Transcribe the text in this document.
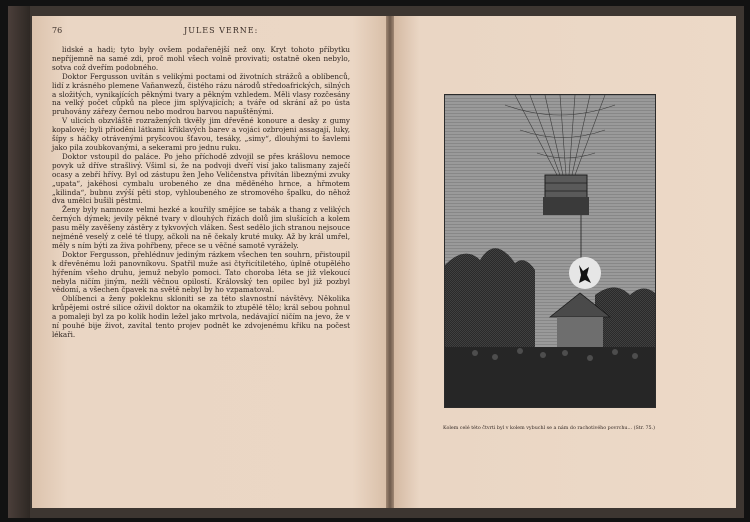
76	JULES VERNE:

lidské a hadi; tyto byly ovšem podařenější než ony. Kryt tohoto příbytku nepříjemně na samé zdi, proč mohl všech volně provivati; ostatně oken nebylo, sotva což dveřím podobného.

Doktor Fergusson uvítán s velikými poctami od životních strážců a oblíbenců, lidí z krásného plemene Vaňanwezů, čistého rázu národů středoafrických, silných a složitých, vynikajících pěknými tvary a pěkným vzhledem. Měli vlasy rozčesány na velký počet cůpků na plece jim splývajících; a tváře od skrání až po ústa pruhovány zářezy černou nebo modrou barvou napuštěnými.

V ulicích obzvláště rozražených tkvěly jim dřevěné konoure a desky z gumy kopalové; byli přioděni látkami křiklavých barev a vojáci ozbrojeni assagají, luky, šípy s háčky otrávenými pryšcovou šťavou, tesáky, „simy“, dlouhými to šavlemi jako pila zoubkovanými, a sekerami pro jednu ruku.

Doktor vstoupil do paláce. Po jeho příchodě zdvojil se přes krášlovu nemoce povyk už dříve strašlivý. Všiml si, že na podvoji dveří visí jako talismany zaječí ocasy a zebří hřívy. Byl od zástupu žen Jeho Veličenstva přivítán libeznými zvuky „upata“, jakéhosi cymbalu urobeného ze dna měděného hrnce, a hřmotem „kilinda“, bubnu zvýší pěti stop, vyhloubeného ze stromového špalku, do něhož dva umělci bušili pěstmi.

Ženy byly namnoze velmi hezké a kouřily smějíce se tabák a thang z velikých černých dýmek; jevily pěkné tvary v dlouhých řízách dolů jim slušících a kolem pasu měly zavěšeny zástěry z tykvových vláken. Šest sedělo jich stranou nejsouce nejméně veselý z celé té tlupy, ačkoli na ně čekaly kruté muky. Až by král umřel, měly s ním býti za živa pohřbeny, přece se u věčné samotě vyrážely.

Doktor Fergusson, přehlédnuv jediným rázkem všechen ten souhrn, přistoupil k dřevěnému loži panovníkovu. Spatřil muže asi čtyřicítiletého, úplně otupělého hýřením všeho druhu, jemuž nebylo pomoci. Tato choroba léta se již vlekoucí nebyla ničím jiným, nežli věčnou opilostí. Královský ten opilec byl již pozbyl vědomí, a všechen čpavek na světě nebyl by ho vzpamatoval.

Oblíbenci a ženy pokleknu skloniti se za této slavnostní návštěvy. Několika krůpějemi ostré silice oživil doktor na okamžik to ztupělé tělo; král sebou pohnul a pomaleji byl za po kolik hodin ležel jako mrtvola, nedávající ničím na jevo, že v ní pouhé bije život, zavítal tento projev podnět ke zdvojenému křiku na počest lékaři.

Kolem celé této čtvrti byl v kolem vybuchl se a nám do rachotivého povrchu... (Str. 75.)
